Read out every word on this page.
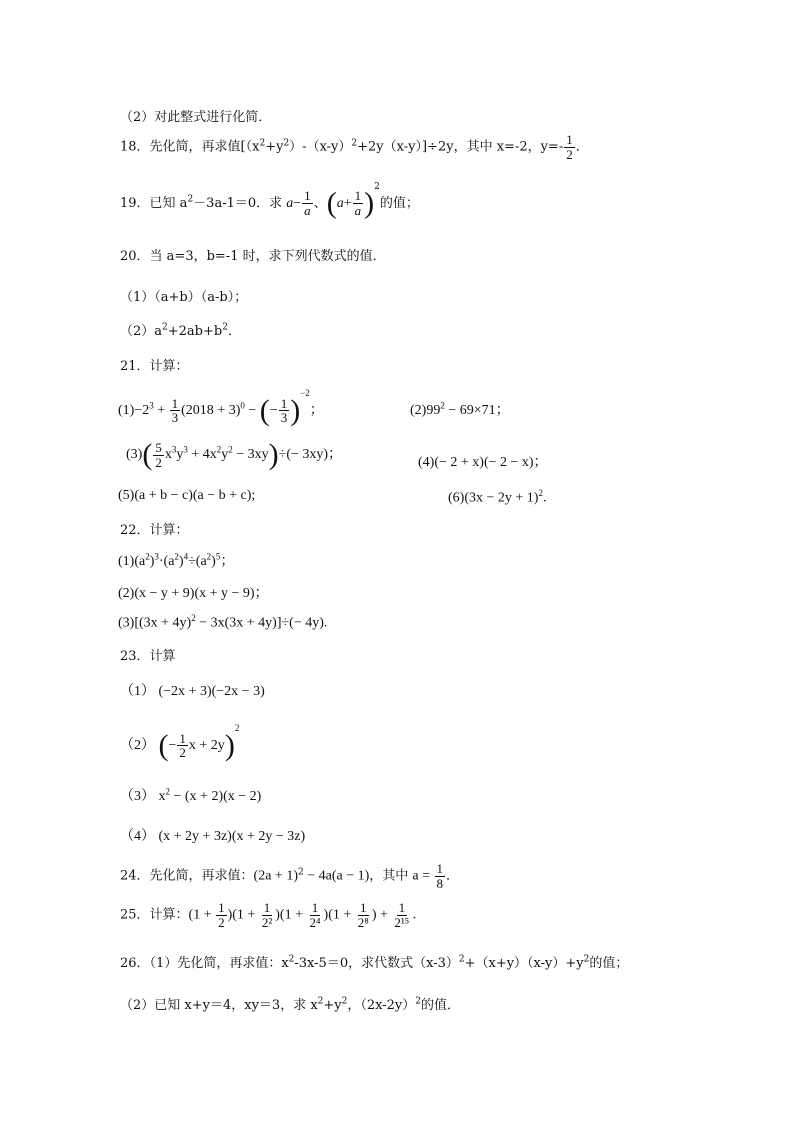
（2）对此整式进行化简．
18．先化简，再求值$[(x^2+y^2)-(x-y)^2+2y(x-y)]\div 2y$，其中 x=-2，$y=- \frac{1}{2}$ ．
19．已知 $a^2-3a-1=0$．求 $a- \frac{1}{a}$ 、$(a+ \frac{1}{a} )^2$的值；
20．当 a=3，b=-1 时，求下列代数式的值．
（1）（a+b）（a-b）；
$(2)a^2+2ab+b^2$．
21．计算：
$(1)-2^3 + \frac{1}{3} (2018 + 3)^0$ − (− $\frac{1}{3} )^{-2}$；	$(2)99^2 - 69\times 71$；
$(3)( \frac{5}{2} x^3y^3 + 4x^2y^2 - 3xy)\div(- 3xy)$；
(4)(− 2 + x)(− 2 − x)；
(5)(a + b − c)(a − b + c);	$(6)(3x - 2y + 1)^2$.
22．计算：
$(1)(a^2)^3\cdot(a^2)^4\div(a^2)^5$；
(2)(x − y + 9)(x + y − 9)；
$(3)[(3x + 4y)^2 - 3x(3x + 4y)]\div(- 4y)$.
23．计算
（1） (−2x + 3)(−2x − 3)
（2） (− $\frac{1}{2}$ x + 2y)$^2$
（3） $x^2 - (x + 2)(x - 2)$
（4） (x + 2y + 3z)(x + 2y − 3z)
24．先化简，再求值：$(2a + 1)^2 - 4a(a - 1)$，其中 $a = \frac{1}{8}$ ．
25．计算：$(1 + \frac{1}{2} )(1 + \frac{1}{\text{2²}} )(1 + \frac{1}{\text{2⁴}} )(1 + \frac{1}{\text{2⁸}}$ ) + $\frac{1}{\text{2¹⁵}}$ .
26．（1）先化简，再求值：$x^2-3x-5=0$，求代数式$(x-3)^2+(x+y)(x-y)+y^2$的值；
（2）已知 x+y＝4，xy＝3，求 $x^2+y^2$，$(2x-2y)^2$的值．
